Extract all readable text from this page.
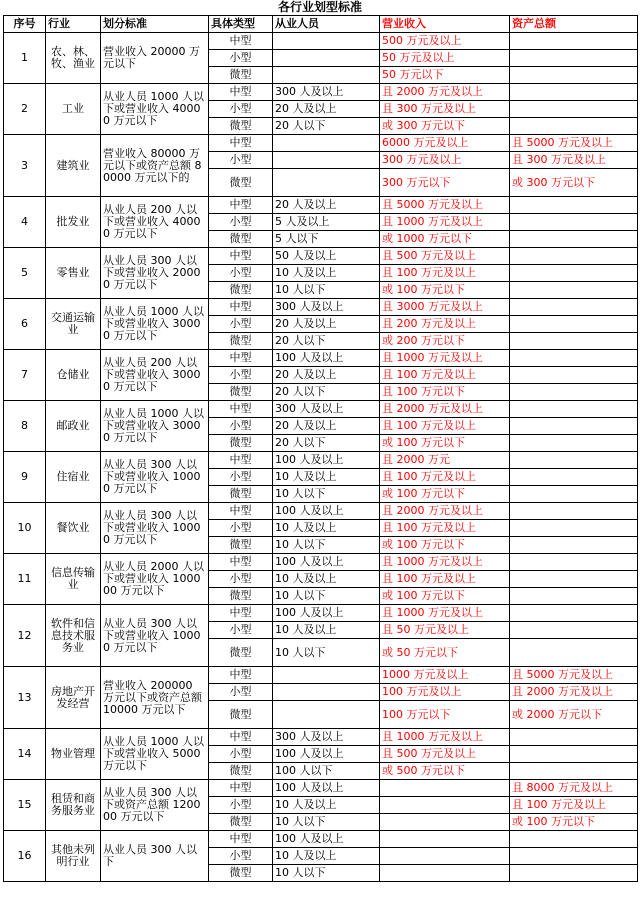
各行业划型标准
序号	行业	划分标准	具体类型	从业人员	营业收入	资产总额
1	农、林、牧、渔业	营业收入 20000 万元以下	中型		500 万元及以上	
			小型		50 万元及以上	
			微型		50 万元以下	
2	工业	从业人员 1000 人以下或营业收入 40000 万元以下	中型	300 人及以上	且 2000 万元及以上	
			小型	20 人及以上	且 300 万元及以上	
			微型	20 人以下	或 300 万元以下	
3	建筑业	营业收入 80000 万元以下或资产总额 80000 万元以下的	中型		6000 万元及以上	且 5000 万元及以上
			小型		300 万元及以上	且 300 万元及以上
			微型		300 万元以下	或 300 万元以下
4	批发业	从业人员 200 人以下或营业收入 40000 万元以下	中型	20 人及以上	且 5000 万元及以上	
			小型	5 人及以上	且 1000 万元及以上	
			微型	5 人以下	或 1000 万元以下	
5	零售业	从业人员 300 人以下或营业收入 20000 万元以下	中型	50 人及以上	且 500 万元及以上	
			小型	10 人及以上	且 100 万元及以上	
			微型	10 人以下	或 100 万元以下	
6	交通运输业	从业人员 1000 人以下或营业收入 30000 万元以下	中型	300 人及以上	且 3000 万元及以上	
			小型	20 人及以上	且 200 万元及以上	
			微型	20 人以下	或 200 万元以下	
7	仓储业	从业人员 200 人以下或营业收入 30000 万元以下	中型	100 人及以上	且 1000 万元及以上	
			小型	20 人及以上	且 100 万元及以上	
			微型	20 人以下	且 100 万元以下	
8	邮政业	从业人员 1000 人以下或营业收入 30000 万元以下	中型	300 人及以上	且 2000 万元及以上	
			小型	20 人及以上	且 100 万元及以上	
			微型	20 人以下	或 100 万元以下	
9	住宿业	从业人员 300 人以下或营业收入 10000 万元以下	中型	100 人及以上	且 2000 万元	
			小型	10 人及以上	且 100 万元及以上	
			微型	10 人以下	或 100 万元以下	
10	餐饮业	从业人员 300 人以下或营业收入 10000 万元以下	中型	100 人及以上	且 2000 万元及以上	
			小型	10 人及以上	且 100 万元及以上	
			微型	10 人以下	或 100 万元以下	
11	信息传输业	从业人员 2000 人以下或营业收入 100000 万元以下	中型	100 人及以上	且 1000 万元及以上	
			小型	10 人及以上	且 100 万元及以上	
			微型	10 人以下	或 100 万元以下	
12	软件和信息技术服务业	从业人员 300 人以下或营业收入 10000 万元以下	中型	100 人及以上	且 1000 万元及以上	
			小型	10 人及以上	且 50 万元及以上	
			微型	10 人以下	或 50 万元以下	
13	房地产开发经营	营业收入 200000 万元以下或资产总额 10000 万元以下	中型		1000 万元及以上	且 5000 万元及以上
			小型		100 万元及以上	且 2000 万元及以上
			微型		100 万元以下	或 2000 万元以下
14	物业管理	从业人员 1000 人以下或营业收入 5000 万元以下	中型	300 人及以上	且 1000 万元及以上	
			小型	100 人及以上	且 500 万元及以上	
			微型	100 人以下	或 500 万元以下	
15	租赁和商务服务业	从业人员 300 人以下或资产总额 120000 万元以下	中型	100 人及以上		且 8000 万元及以上
			小型	10 人及以上		且 100 万元及以上
			微型	10 人以下		或 100 万元以下
16	其他未列明行业	从业人员 300 人以下	中型	100 人及以上		
			小型	10 人及以上		
			微型	10 人以下		
